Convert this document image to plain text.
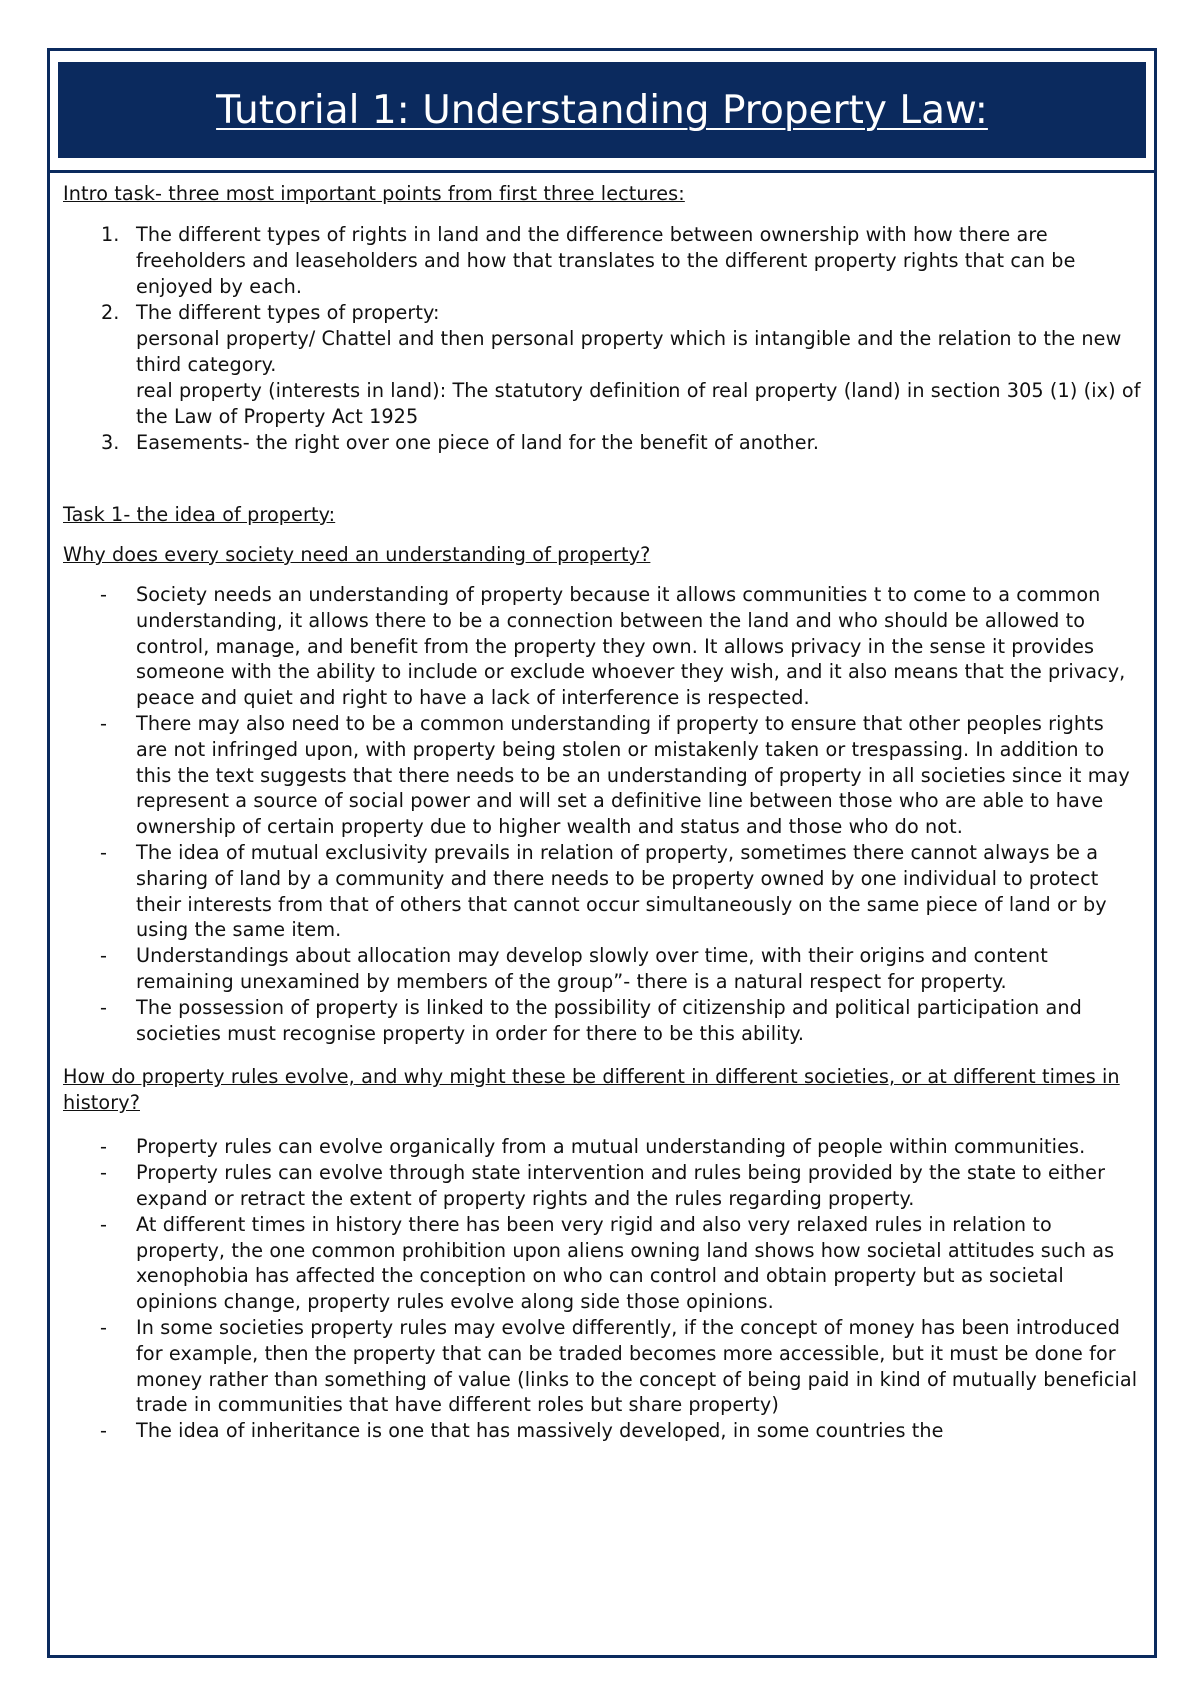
Tutorial 1: Understanding Property Law:

Intro task- three most important points from first three lectures:

1. The different types of rights in land and the difference between ownership with how there are freeholders and leaseholders and how that translates to the different property rights that can be enjoyed by each.
2. The different types of property:
personal property/ Chattel and then personal property which is intangible and the relation to the new third category.
real property (interests in land): The statutory definition of real property (land) in section 305 (1) (ix) of the Law of Property Act 1925
3. Easements- the right over one piece of land for the benefit of another.

Task 1- the idea of property:

Why does every society need an understanding of property?

- Society needs an understanding of property because it allows communities t to come to a common understanding, it allows there to be a connection between the land and who should be allowed to control, manage, and benefit from the property they own. It allows privacy in the sense it provides someone with the ability to include or exclude whoever they wish, and it also means that the privacy, peace and quiet and right to have a lack of interference is respected.
- There may also need to be a common understanding if property to ensure that other peoples rights are not infringed upon, with property being stolen or mistakenly taken or trespassing. In addition to this the text suggests that there needs to be an understanding of property in all societies since it may represent a source of social power and will set a definitive line between those who are able to have ownership of certain property due to higher wealth and status and those who do not.
- The idea of mutual exclusivity prevails in relation of property, sometimes there cannot always be a sharing of land by a community and there needs to be property owned by one individual to protect their interests from that of others that cannot occur simultaneously on the same piece of land or by using the same item.
- Understandings about allocation may develop slowly over time, with their origins and content remaining unexamined by members of the group”- there is a natural respect for property.
- The possession of property is linked to the possibility of citizenship and political participation and societies must recognise property in order for there to be this ability.

How do property rules evolve, and why might these be different in different societies, or at different times in history?

- Property rules can evolve organically from a mutual understanding of people within communities.
- Property rules can evolve through state intervention and rules being provided by the state to either expand or retract the extent of property rights and the rules regarding property.
- At different times in history there has been very rigid and also very relaxed rules in relation to property, the one common prohibition upon aliens owning land shows how societal attitudes such as xenophobia has affected the conception on who can control and obtain property but as societal opinions change, property rules evolve along side those opinions.
- In some societies property rules may evolve differently, if the concept of money has been introduced for example, then the property that can be traded becomes more accessible, but it must be done for money rather than something of value (links to the concept of being paid in kind of mutually beneficial trade in communities that have different roles but share property)
- The idea of inheritance is one that has massively developed, in some countries the
